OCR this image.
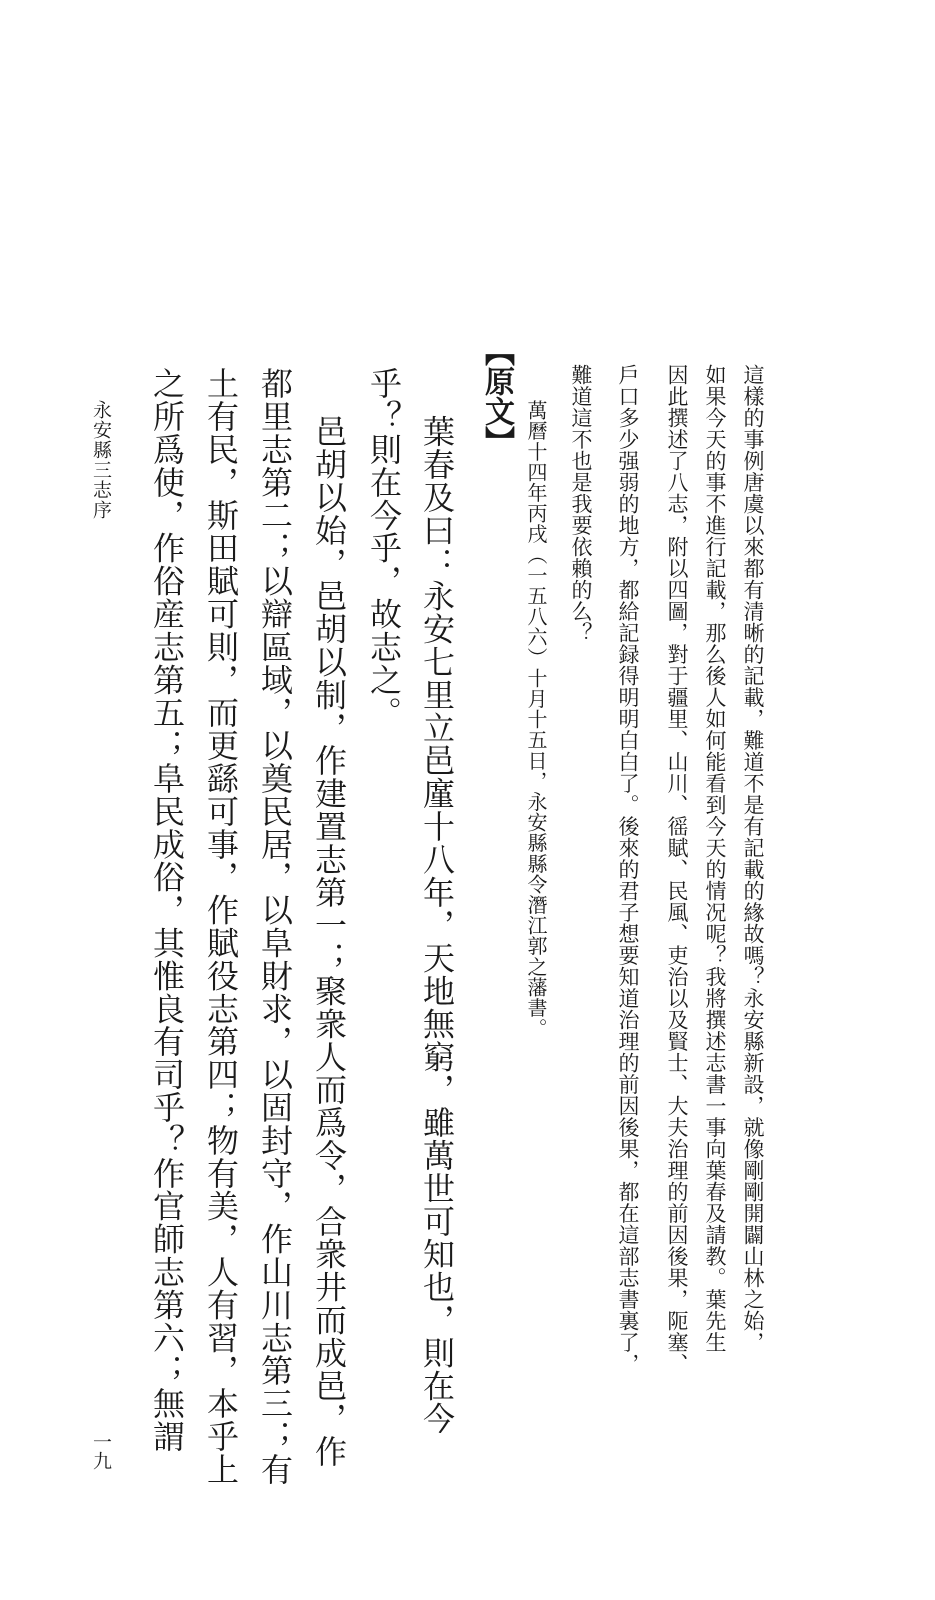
這樣的事例唐虞以來都有清晰的記載，難道不是有記載的緣故嗎？永安縣新設，就像剛剛開闢山林之始，

如果今天的事不進行記載，那么後人如何能看到今天的情况呢？我將撰述志書一事向葉春及請教。葉先生

因此撰述了八志，附以四圖，對于疆里、山川、徭賦、民風、吏治以及賢士、大夫治理的前因後果，阨塞、

戶口多少强弱的地方，都給記録得明明白白了。後來的君子想要知道治理的前因後果，都在這部志書裏了，

難道這不也是我要依賴的么？

萬曆十四年丙戌（一五八六）十月十五日，永安縣縣令潛江郭之藩書。

【
原文
】

葉春及曰：永安七里立邑廑十八年，天地無窮，雖萬世可知也，則在今

乎？則在今乎，故志之。

邑胡以始，邑胡以制，作建置志第一；聚衆人而爲令，合衆井而成邑，作

都里志第二；以辯區域，以奠民居，以阜財求，以固封守，作山川志第三；有

土有民，斯田賦可則，而更繇可事，作賦役志第四；物有美，人有習，本乎上

之所爲使，作俗産志第五；阜民成俗，其惟良有司乎？作官師志第六；無謂

永安縣三志序
一九
